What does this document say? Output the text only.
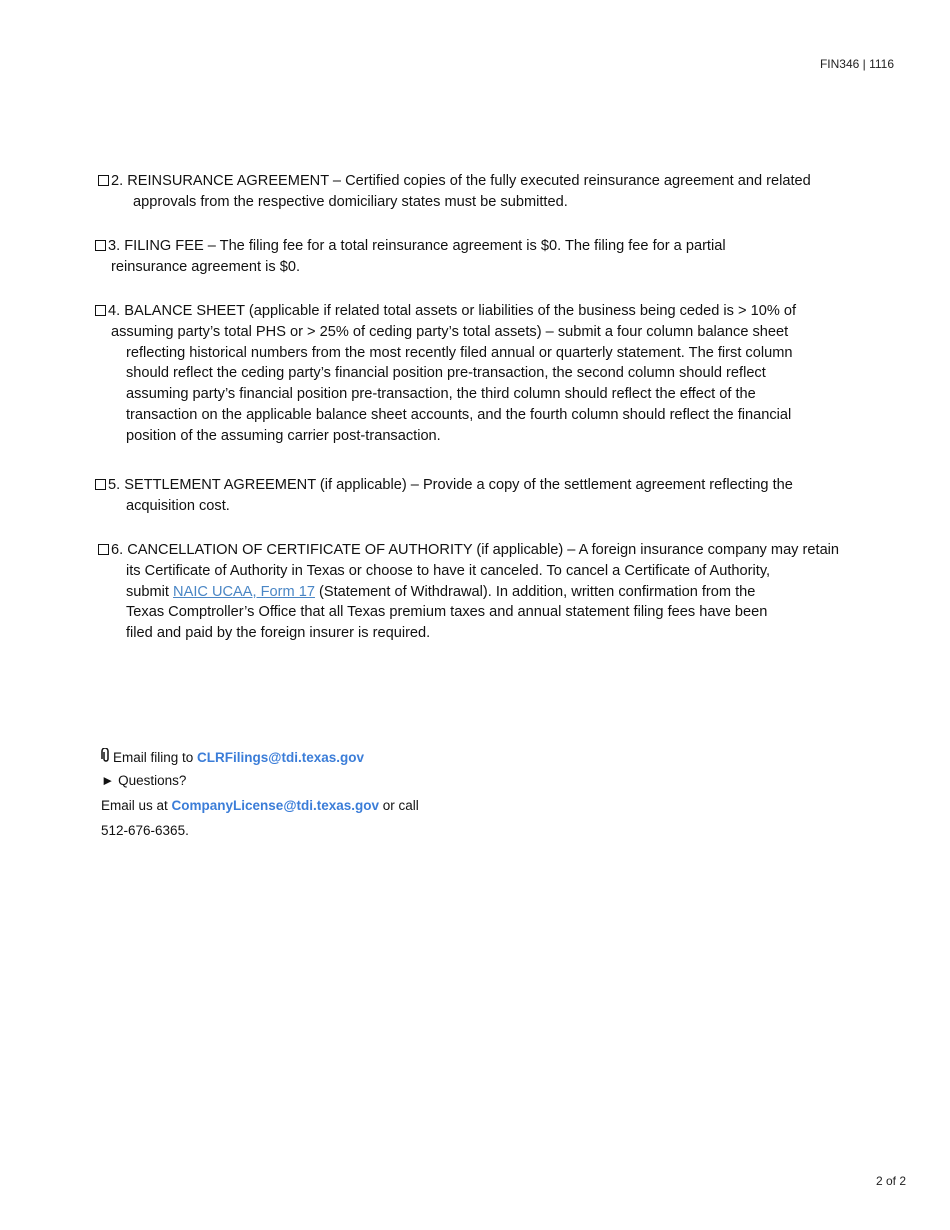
FIN346 | 1116
2. REINSURANCE AGREEMENT – Certified copies of the fully executed reinsurance agreement and related
approvals from the respective domiciliary states must be submitted.
3. FILING FEE – The filing fee for a total reinsurance agreement is $0. The filing fee for a partial
reinsurance agreement is $0.
4. BALANCE SHEET (applicable if related total assets or liabilities of the business being ceded is > 10% of
assuming party’s total PHS or > 25% of ceding party’s total assets) – submit a four column balance sheet
reflecting historical numbers from the most recently filed annual or quarterly statement. The first column
should reflect the ceding party’s financial position pre-transaction, the second column should reflect
assuming party’s financial position pre-transaction, the third column should reflect the effect of the
transaction on the applicable balance sheet accounts, and the fourth column should reflect the financial
position of the assuming carrier post-transaction.
5. SETTLEMENT AGREEMENT (if applicable) – Provide a copy of the settlement agreement reflecting the
acquisition cost.
6. CANCELLATION OF CERTIFICATE OF AUTHORITY (if applicable) – A foreign insurance company may retain
its Certificate of Authority in Texas or choose to have it canceled. To cancel a Certificate of Authority,
submit NAIC UCAA, Form 17 (Statement of Withdrawal). In addition, written confirmation from the
Texas Comptroller’s Office that all Texas premium taxes and annual statement filing fees have been
filed and paid by the foreign insurer is required.
Email filing to CLRFilings@tdi.texas.gov
► Questions?
Email us at CompanyLicense@tdi.texas.gov or call
512-676-6365.
2 of 2
